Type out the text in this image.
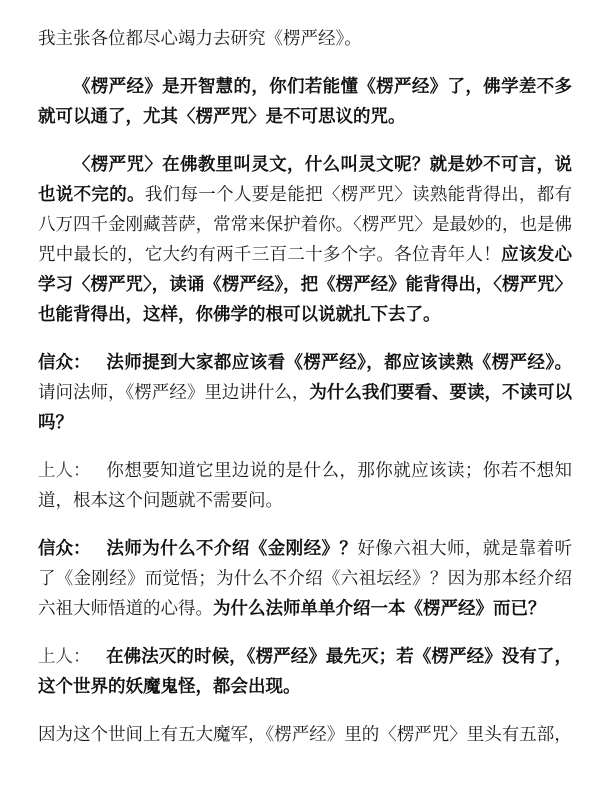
我主张各位都尽心竭力去研究《楞严经》。

《楞严经》是开智慧的，你们若能懂《楞严经》了，佛学差不多就可以通了，尤其〈楞严咒〉是不可思议的咒。

〈楞严咒〉在佛教里叫灵文，什么叫灵文呢？就是妙不可言，说也说不完的。我们每一个人要是能把〈楞严咒〉读熟能背得出，都有八万四千金刚藏菩萨，常常来保护着你。〈楞严咒〉是最妙的，也是佛咒中最长的，它大约有两千三百二十多个字。各位青年人！应该发心学习〈楞严咒〉，读诵《楞严经》，把《楞严经》能背得出，〈楞严咒〉也能背得出，这样，你佛学的根可以说就扎下去了。

信众： 法师提到大家都应该看《楞严经》，都应该读熟《楞严经》。请问法师，《楞严经》里边讲什么，为什么我们要看、要读，不读可以吗？

上人： 你想要知道它里边说的是什么，那你就应该读；你若不想知道，根本这个问题就不需要问。

信众： 法师为什么不介绍《金刚经》？好像六祖大师，就是靠着听了《金刚经》而觉悟；为什么不介绍《六祖坛经》？因为那本经介绍六祖大师悟道的心得。为什么法师单单介绍一本《楞严经》而已？

上人： 在佛法灭的时候，《楞严经》最先灭；若《楞严经》没有了，这个世界的妖魔鬼怪，都会出现。

因为这个世间上有五大魔军，《楞严经》里的〈楞严咒〉里头有五部，
